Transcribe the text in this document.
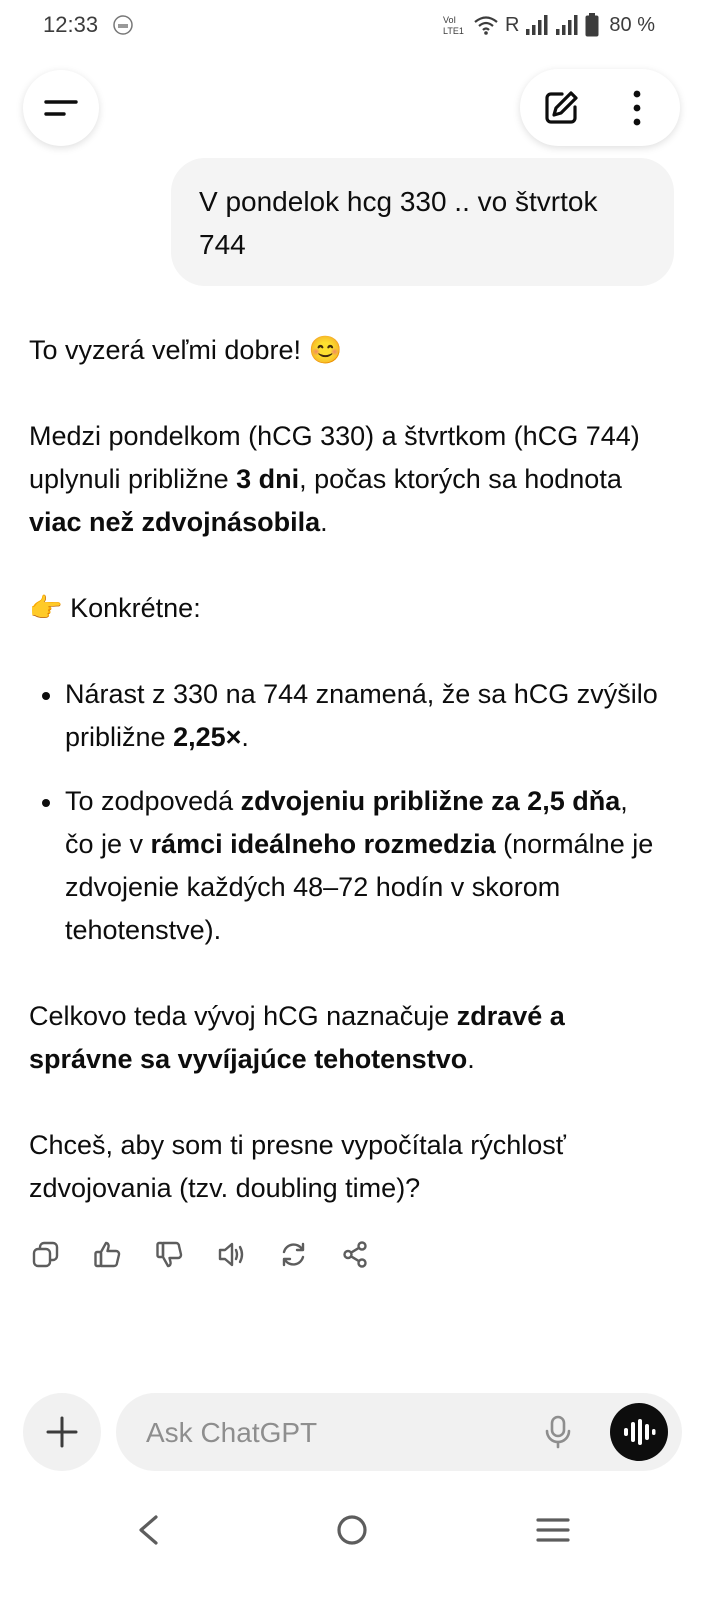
12:33	VoI
LTE1 R	80 %
V pondelok hcg 330 .. vo štvrtok 744

To vyzerá veľmi dobre! 😊

Medzi pondelkom (hCG 330) a štvrtkom (hCG 744) uplynuli približne 3 dni, počas ktorých sa hodnota viac než zdvojnásobila.

👉 Konkrétne:

Nárast z 330 na 744 znamená, že sa hCG zvýšilo približne 2,25×.
To zodpovedá zdvojeniu približne za 2,5 dňa, čo je v rámci ideálneho rozmedzia (normálne je zdvojenie každých 48–72 hodín v skorom tehotenstve).

Celkovo teda vývoj hCG naznačuje zdravé a správne sa vyvíjajúce tehotenstvo.

Chceš, aby som ti presne vypočítala rýchlosť zdvojovania (tzv. doubling time)?

Ask ChatGPT
